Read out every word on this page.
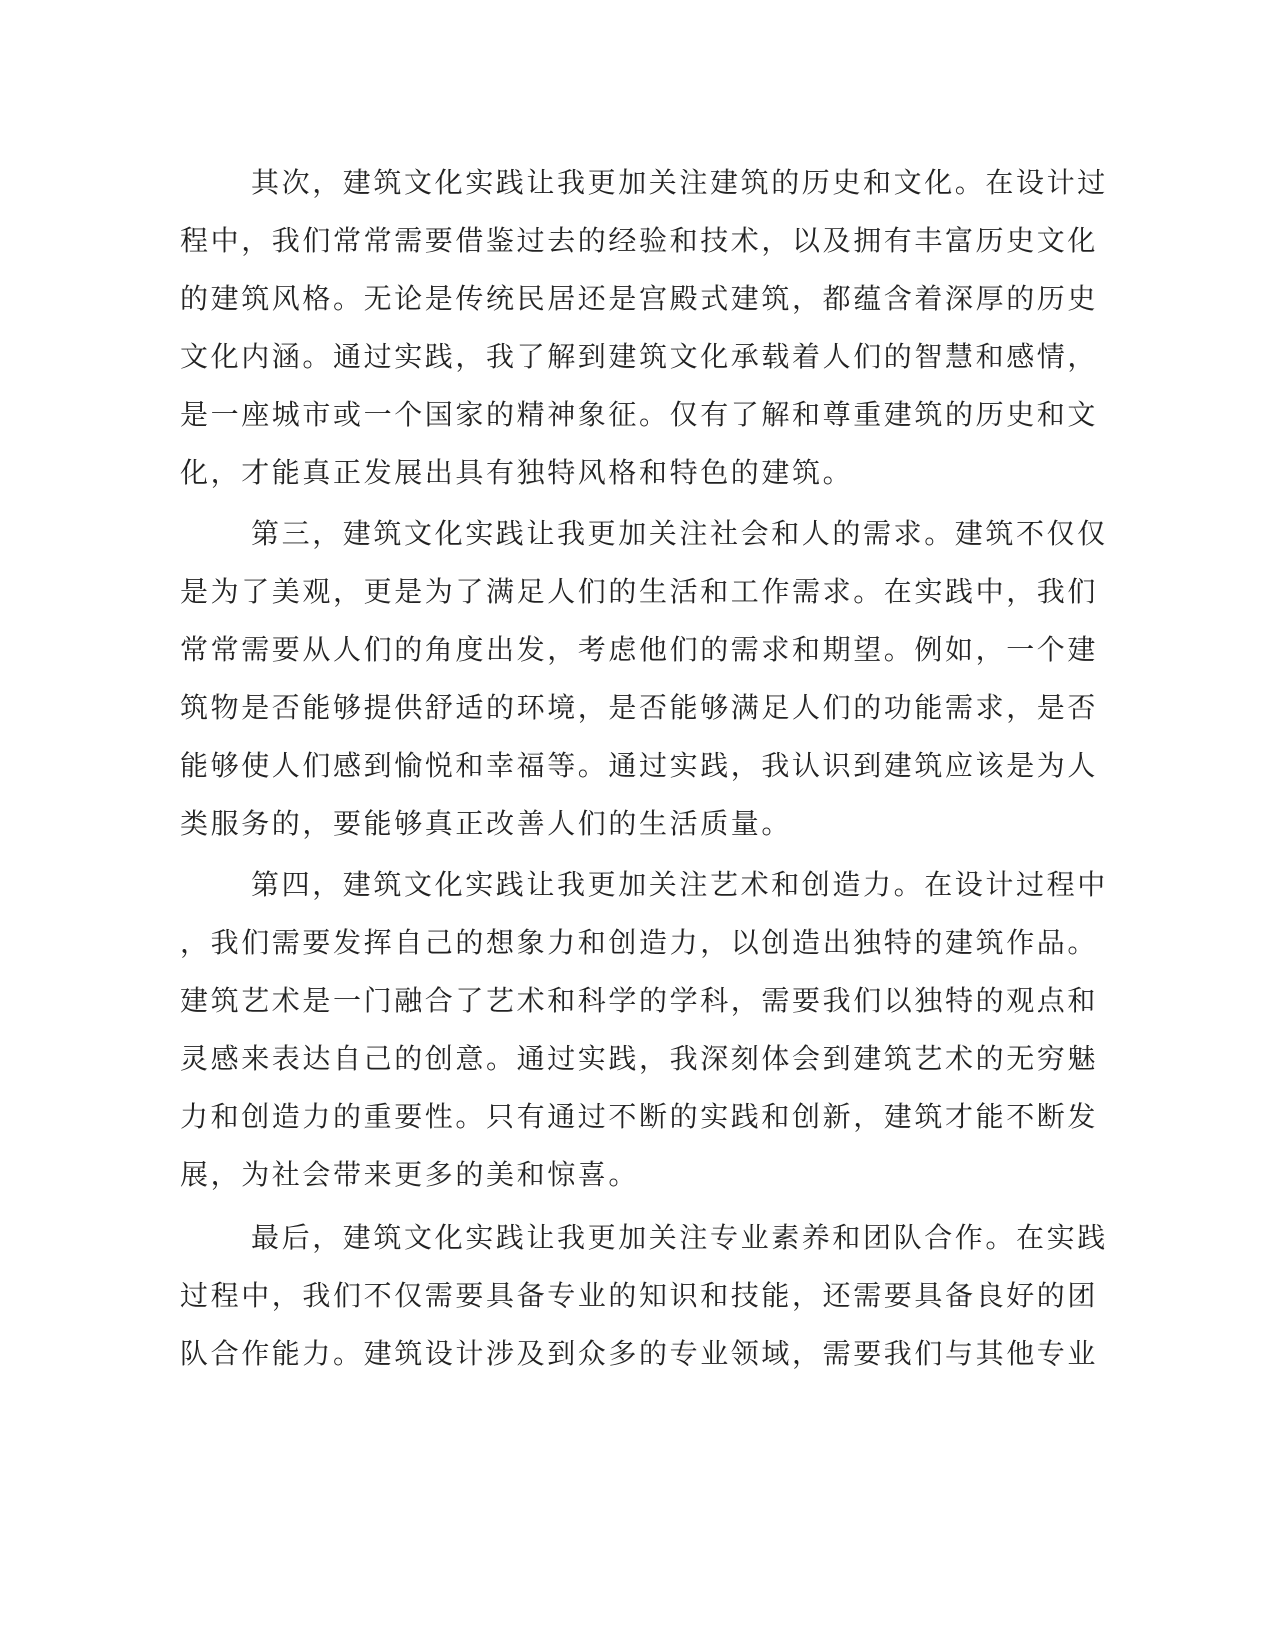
其次，建筑文化实践让我更加关注建筑的历史和文化。在设计过
程中，我们常常需要借鉴过去的经验和技术，以及拥有丰富历史文化
的建筑风格。无论是传统民居还是宫殿式建筑，都蕴含着深厚的历史
文化内涵。通过实践，我了解到建筑文化承载着人们的智慧和感情，
是一座城市或一个国家的精神象征。仅有了解和尊重建筑的历史和文
化，才能真正发展出具有独特风格和特色的建筑。
第三，建筑文化实践让我更加关注社会和人的需求。建筑不仅仅
是为了美观，更是为了满足人们的生活和工作需求。在实践中，我们
常常需要从人们的角度出发，考虑他们的需求和期望。例如，一个建
筑物是否能够提供舒适的环境，是否能够满足人们的功能需求，是否
能够使人们感到愉悦和幸福等。通过实践，我认识到建筑应该是为人
类服务的，要能够真正改善人们的生活质量。
第四，建筑文化实践让我更加关注艺术和创造力。在设计过程中
，我们需要发挥自己的想象力和创造力，以创造出独特的建筑作品。
建筑艺术是一门融合了艺术和科学的学科，需要我们以独特的观点和
灵感来表达自己的创意。通过实践，我深刻体会到建筑艺术的无穷魅
力和创造力的重要性。只有通过不断的实践和创新，建筑才能不断发
展，为社会带来更多的美和惊喜。
最后，建筑文化实践让我更加关注专业素养和团队合作。在实践
过程中，我们不仅需要具备专业的知识和技能，还需要具备良好的团
队合作能力。建筑设计涉及到众多的专业领域，需要我们与其他专业
